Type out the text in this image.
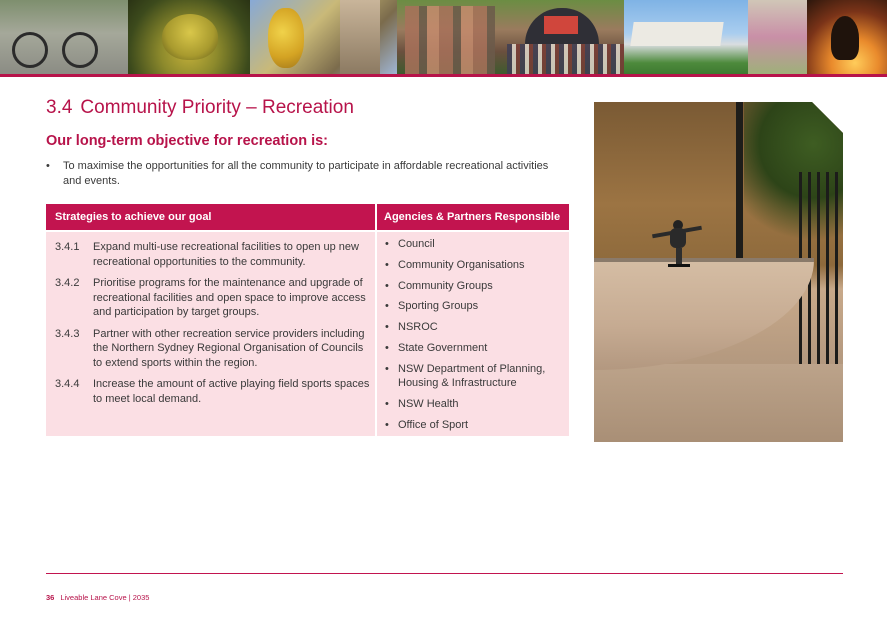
3.4 Community Priority – Recreation
Our long-term objective for recreation is:

• To maximise the opportunities for all the community to participate in affordable recreational activities and events.

Strategies to achieve our goal	Agencies & Partners Responsible
3.4.1 Expand multi-use recreational facilities to open up new recreational opportunities to the community.
3.4.2 Prioritise programs for the maintenance and upgrade of recreational facilities and open space to improve access and participation by target groups.
3.4.3 Partner with other recreation service providers including the Northern Sydney Regional Organisation of Councils to extend sports within the region.
3.4.4 Increase the amount of active playing field sports spaces to meet local demand.
• Council
• Community Organisations
• Community Groups
• Sporting Groups
• NSROC
• State Government
• NSW Department of Planning, Housing & Infrastructure
• NSW Health
• Office of Sport
36 Liveable Lane Cove | 2035
